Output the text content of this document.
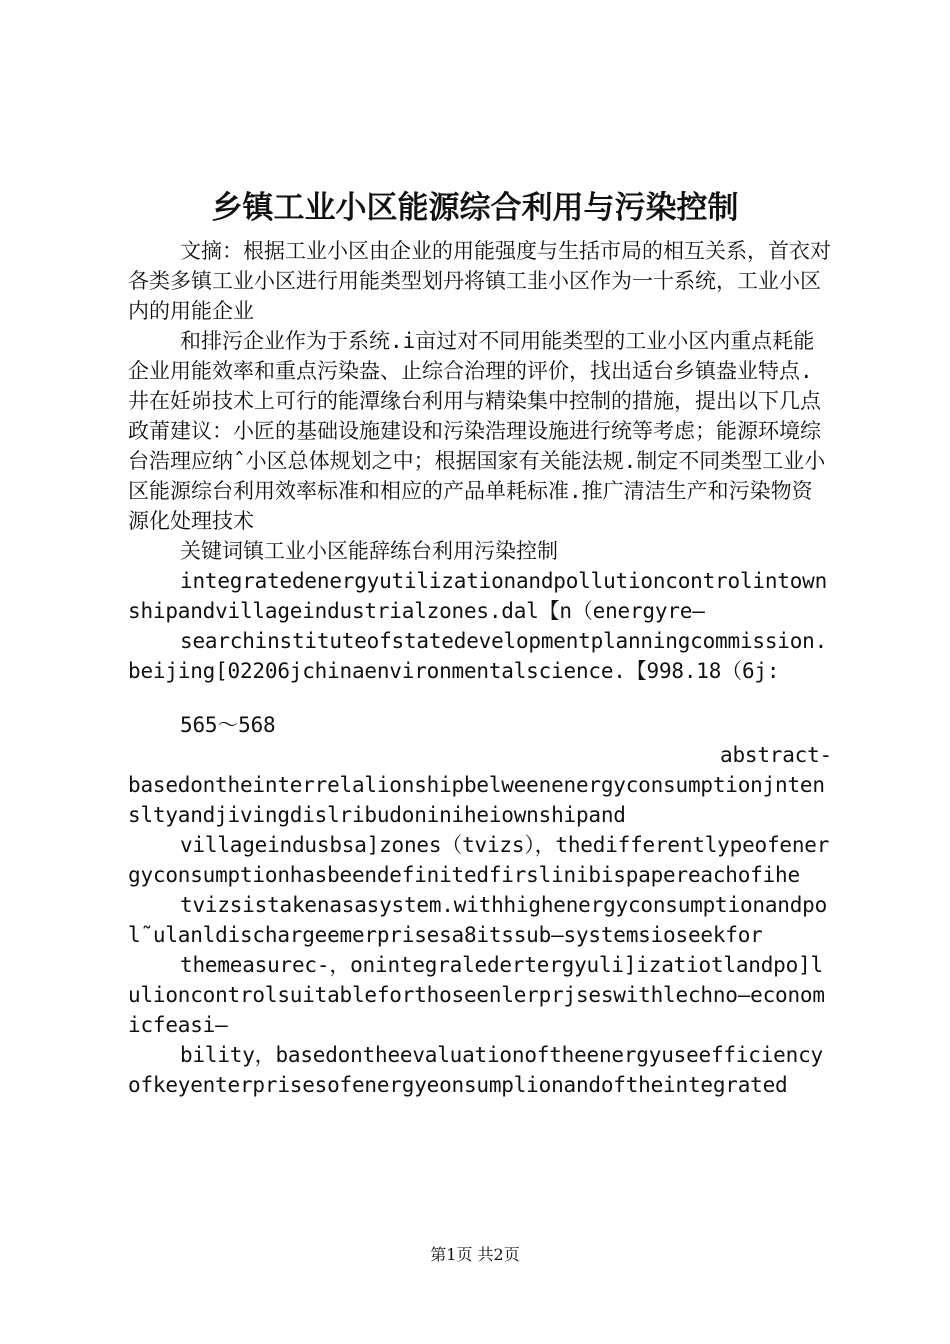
乡镇工业小区能源综合利用与污染控制

文摘：根据工业小区由企业的用能强度与生括市局的相互关系，首衣对各类多镇工业小区进行用能类型划丹将镇工韭小区作为一十系统，工业小区内的用能企业

和排污企业作为于系统.i亩过对不同用能类型的工业小区内重点耗能企业用能效率和重点污染盎、止综合治理的评价，找出适台乡镇盎业特点.井在妊峁技术上可行的能潭缘台利用与精染集中控制的措施，提出以下几点政莆建议：小匠的基础设施建设和污染浩理设施进行统等考虑；能源环境综台浩理应纳ˆ小区总体规划之中；根据国家有关能法规.制定不同类型工业小区能源综台利用效率标准和相应的产品单耗标准.推广清洁生产和污染物资源化处理技术

关键词镇工业小区能辞练台利用污染控制

integratedenergyutilizationandpollutioncontrolintownshipandvillageindustrialzones.dal【n（energyre—

searchinstituteofstatedevelopmentplanningcommission.beijing[02206jchinaenvironmentalscience.【998.18（6j:

565～568

abstract-

basedontheinterrelalionshipbelweenenergyconsumptionjntensltyandjivingdislribudoniniheiownshipand

villageindusbsa]zones（tvizs），thedifferentlypeofenergyconsumptionhasbeendefinitedfirslinibispapereachofihe

tvizsistakenasasystem.withhighenergyconsumptionandpol˜ulanldischargeemerprisesa8itssub—systemsioseekfor

themeasurec-，onintegraledertergyuli]izatiotlandpo]lulioncontrolsuitableforthoseenlerprjseswithlechno—economicfeasi—

bility，basedontheevaluationoftheenergyuseefficiencyofkeyenterprisesofenergyeonsumplionandoftheintegrated

第1页 共2页
